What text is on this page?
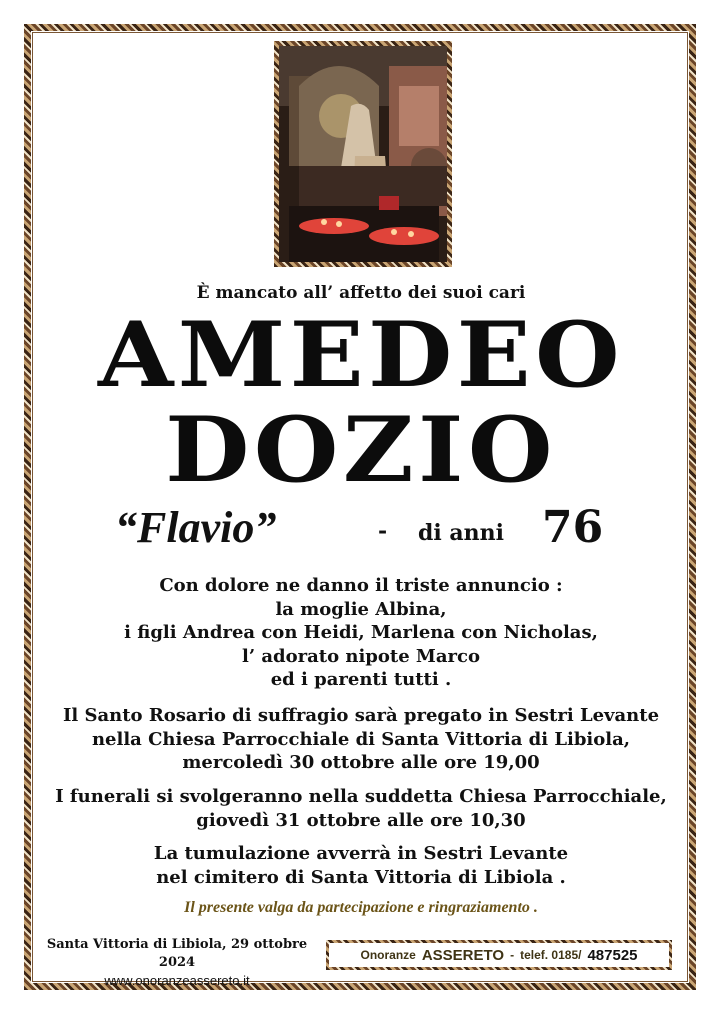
È mancato all’ affetto dei suoi cari
AMEDEO
DOZIO
“Flavio”	- di anni 76
Con dolore ne danno il triste annuncio :
la moglie Albina,
i figli Andrea con Heidi, Marlena con Nicholas,
l’ adorato nipote Marco
ed i parenti tutti .
Il Santo Rosario di suffragio sarà pregato in Sestri Levante
nella Chiesa Parrocchiale di Santa Vittoria di Libiola,
mercoledì 30 ottobre alle ore 19,00
I funerali si svolgeranno nella suddetta Chiesa Parrocchiale,
giovedì 31 ottobre alle ore 10,30
La tumulazione avverrà in Sestri Levante
nel cimitero di Santa Vittoria di Libiola .
Il presente valga da partecipazione e ringraziamento .
Santa Vittoria di Libiola, 29 ottobre 2024
www.onoranzeassereto.it
Onoranze ASSERETO - telef. 0185/ 487525
